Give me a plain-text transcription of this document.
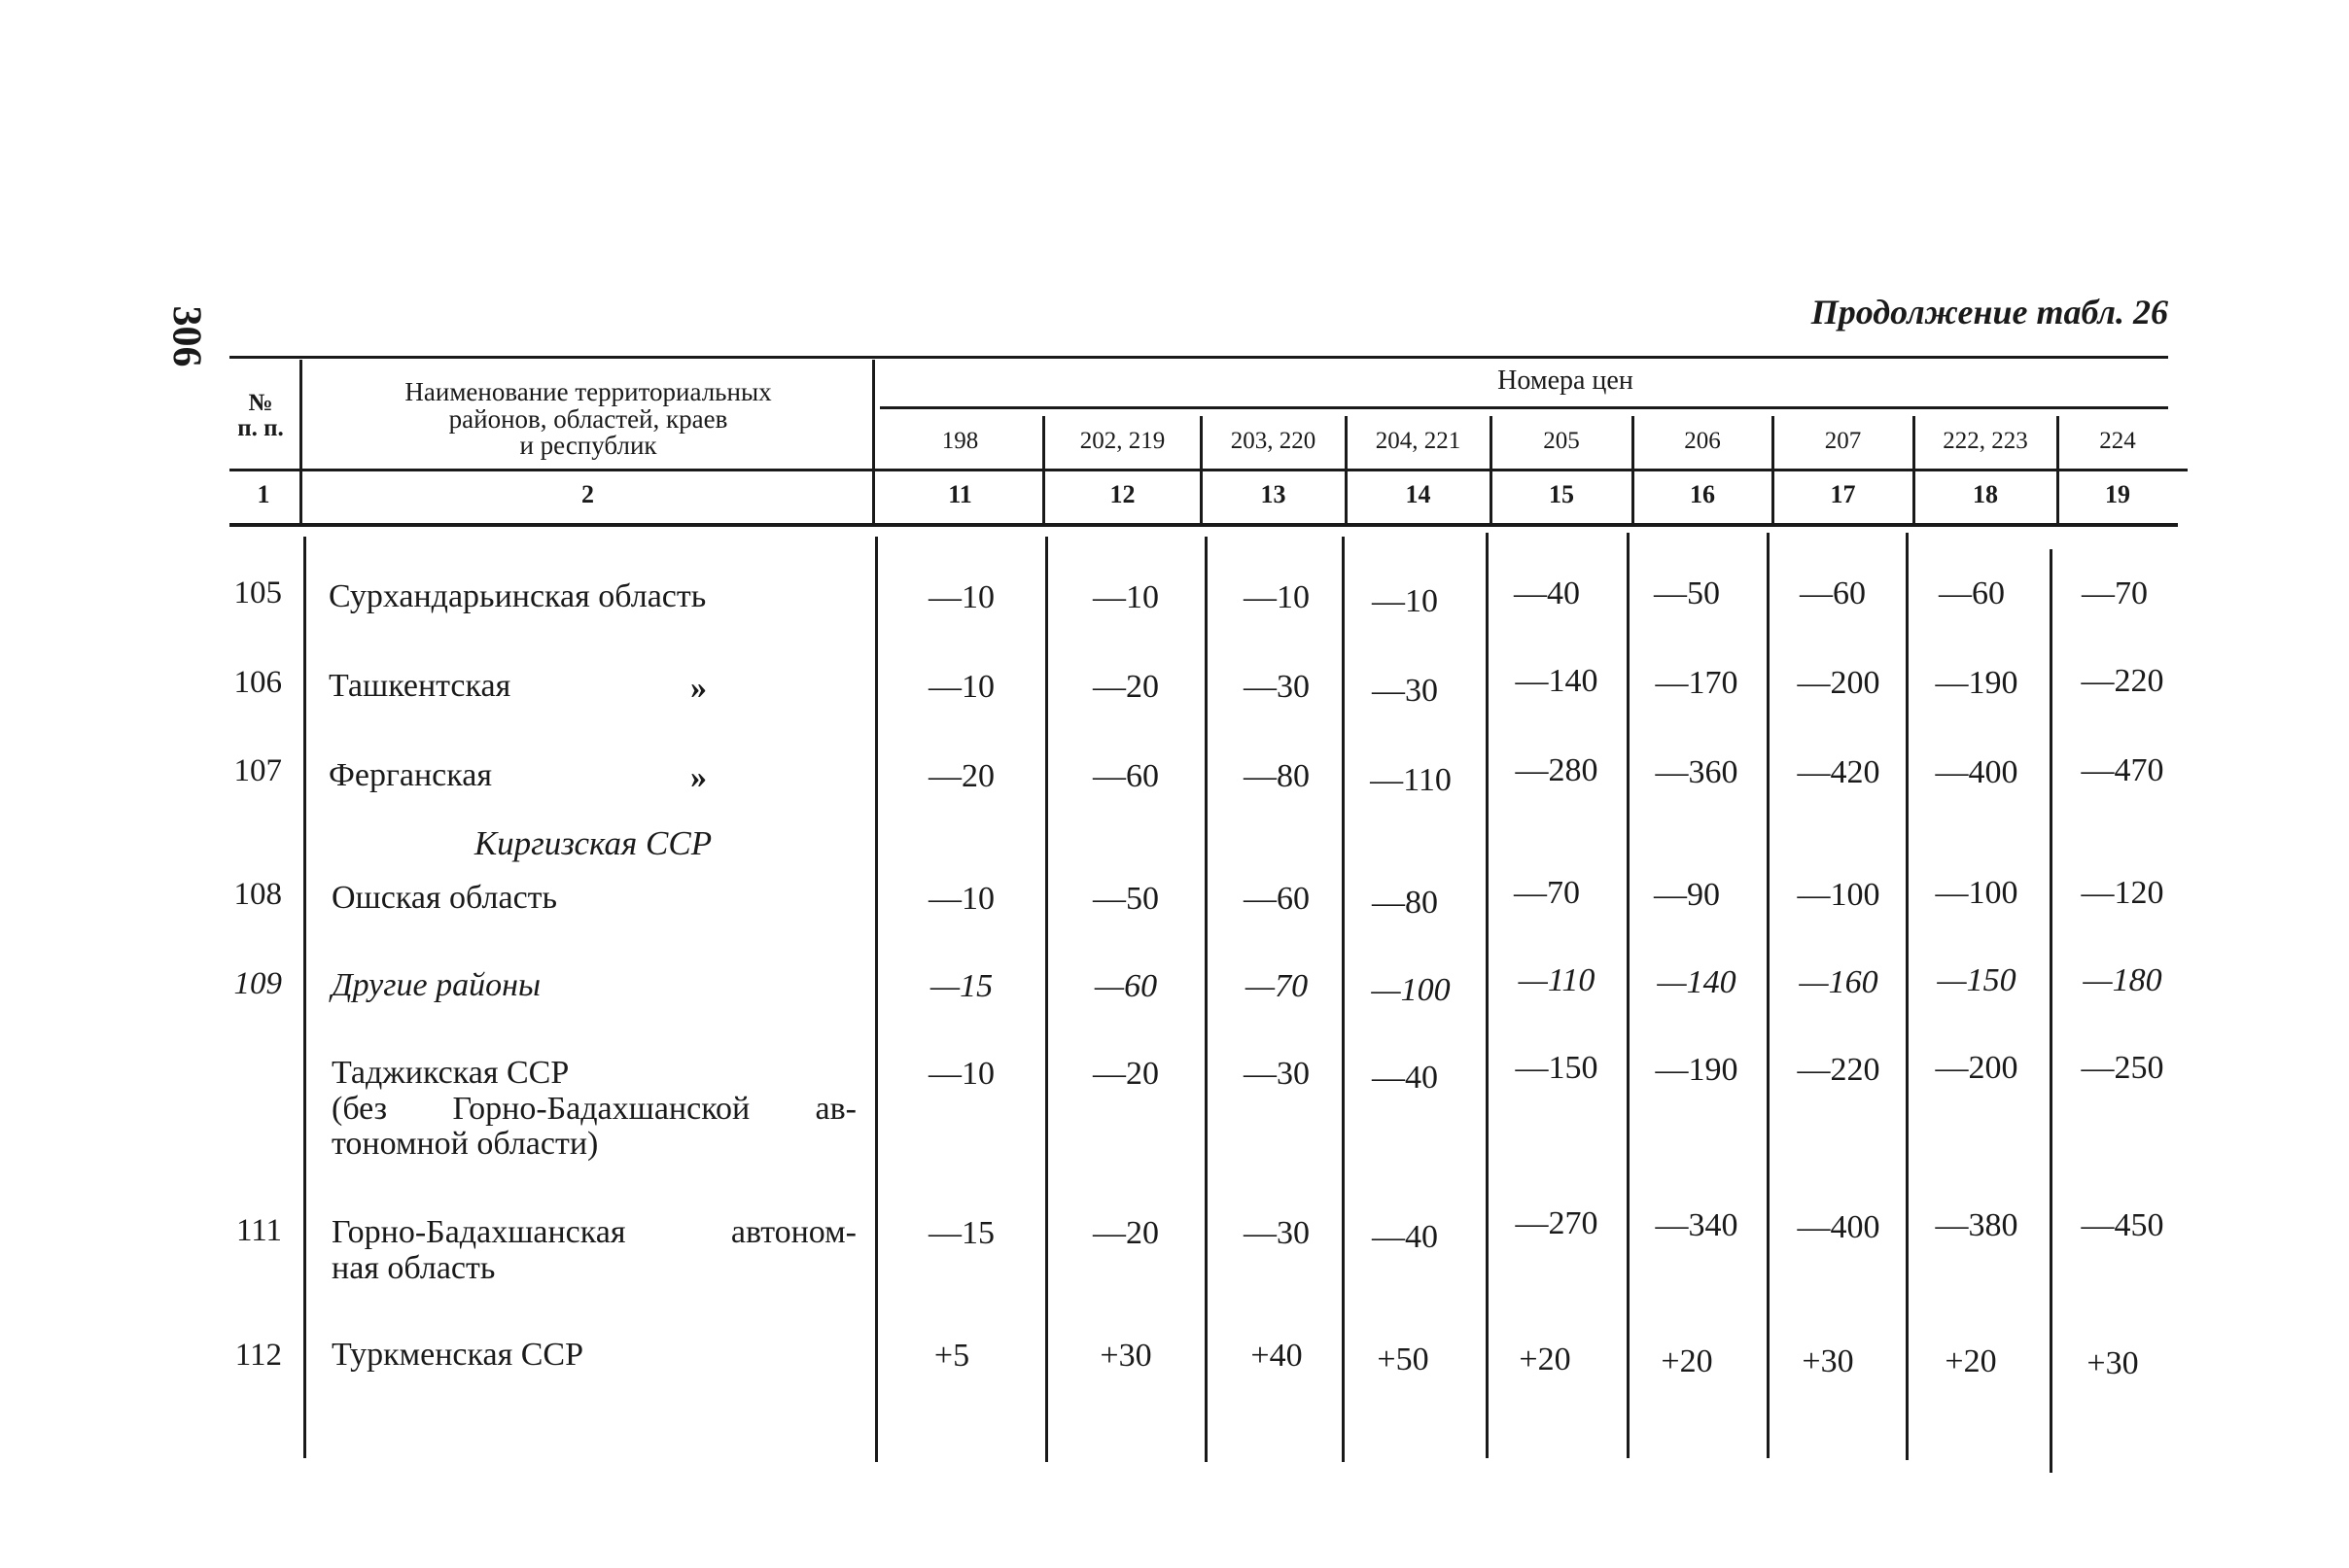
306	Продолжение табл. 26
№
п. п.
Наименование территориальных
районов, областей, краев
и республик
Номера цен
198	202, 219	203, 220	204, 221	205	206	207	222, 223	224
1	2	11	12	13	14	15	16	17	18	19
105 Сурхандарьинская область	—10	—10	—10	—10	—40	—50	—60	—60	—70
106 Ташкентская	»	—10	—20	—30	—30	—140	—170	—200	—190	—220
107 Ферганская	»	—20	—60	—80	—110	—280	—360	—420	—400	—470
Киргизская ССР
108 Ошская область	—10	—50	—60	—80	—70	—90	—100	—100	—120
109 Другие районы	—15	—60	—70	—100	—110	—140	—160	—150	—180
Таджикская ССР
(без Горно-Бадахшанской ав-
тономной области)
—10	—20	—30	—40	—150	—190	—220	—200	—250
111 Горно-Бадахшанская автоном-
ная область
—15	—20	—30	—40	—270	—340	—400	—380	—450
112 Туркменская ССР	+5	+30	+40	+50	+20	+20	+30	+20	+30
